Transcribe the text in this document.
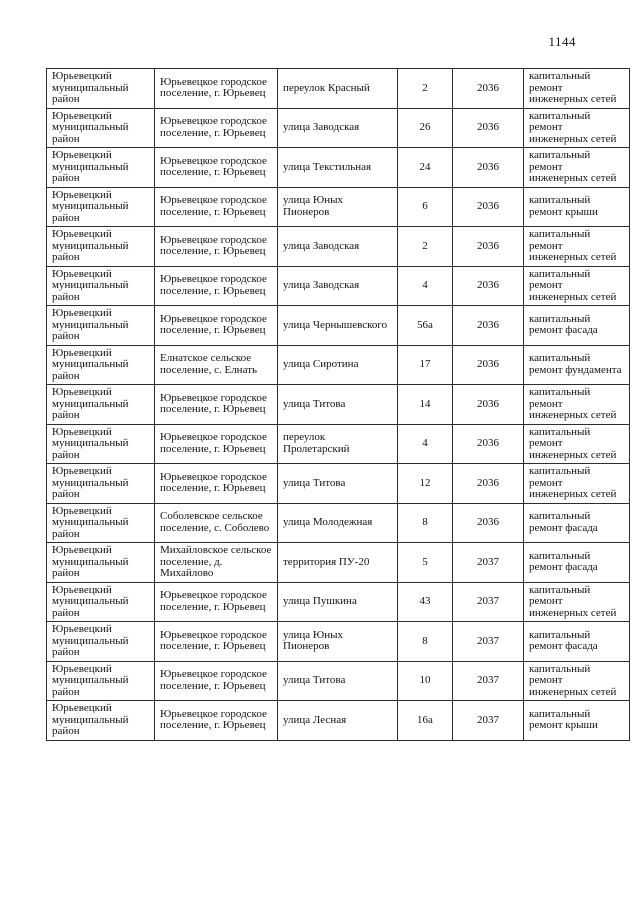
1144
Юрьевецкий муниципальный район	Юрьевецкое городское поселение, г. Юрьевец	переулок Красный	2	2036	капитальный ремонт инженерных сетей
Юрьевецкий муниципальный район	Юрьевецкое городское поселение, г. Юрьевец	улица Заводская	26	2036	капитальный ремонт инженерных сетей
Юрьевецкий муниципальный район	Юрьевецкое городское поселение, г. Юрьевец	улица Текстильная	24	2036	капитальный ремонт инженерных сетей
Юрьевецкий муниципальный район	Юрьевецкое городское поселение, г. Юрьевец	улица Юных Пионеров	6	2036	капитальный ремонт крыши
Юрьевецкий муниципальный район	Юрьевецкое городское поселение, г. Юрьевец	улица Заводская	2	2036	капитальный ремонт инженерных сетей
Юрьевецкий муниципальный район	Юрьевецкое городское поселение, г. Юрьевец	улица Заводская	4	2036	капитальный ремонт инженерных сетей
Юрьевецкий муниципальный район	Юрьевецкое городское поселение, г. Юрьевец	улица Чернышевского	56а	2036	капитальный ремонт фасада
Юрьевецкий муниципальный район	Елнатское сельское поселение, с. Елнать	улица Сиротина	17	2036	капитальный ремонт фундамента
Юрьевецкий муниципальный район	Юрьевецкое городское поселение, г. Юрьевец	улица Титова	14	2036	капитальный ремонт инженерных сетей
Юрьевецкий муниципальный район	Юрьевецкое городское поселение, г. Юрьевец	переулок Пролетарский	4	2036	капитальный ремонт инженерных сетей
Юрьевецкий муниципальный район	Юрьевецкое городское поселение, г. Юрьевец	улица Титова	12	2036	капитальный ремонт инженерных сетей
Юрьевецкий муниципальный район	Соболевское сельское поселение, с. Соболево	улица Молодежная	8	2036	капитальный ремонт фасада
Юрьевецкий муниципальный район	Михайловское сельское поселение, д. Михайлово	территория ПУ-20	5	2037	капитальный ремонт фасада
Юрьевецкий муниципальный район	Юрьевецкое городское поселение, г. Юрьевец	улица Пушкина	43	2037	капитальный ремонт инженерных сетей
Юрьевецкий муниципальный район	Юрьевецкое городское поселение, г. Юрьевец	улица Юных Пионеров	8	2037	капитальный ремонт фасада
Юрьевецкий муниципальный район	Юрьевецкое городское поселение, г. Юрьевец	улица Титова	10	2037	капитальный ремонт инженерных сетей
Юрьевецкий муниципальный район	Юрьевецкое городское поселение, г. Юрьевец	улица Лесная	16а	2037	капитальный ремонт крыши
